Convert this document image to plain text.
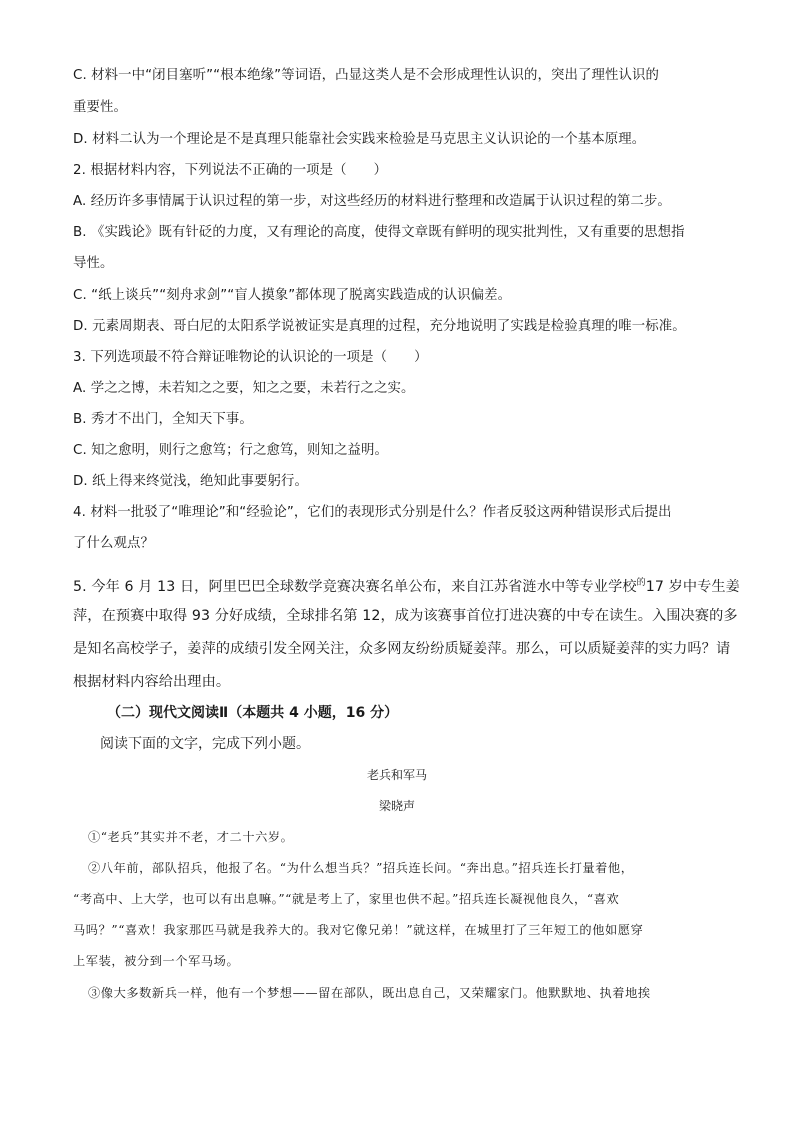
C. 材料一中“闭目塞听”“根本绝缘”等词语，凸显这类人是不会形成理性认识的，突出了理性认识的
重要性。
D. 材料二认为一个理论是不是真理只能靠社会实践来检验是马克思主义认识论的一个基本原理。
2. 根据材料内容，下列说法不正确的一项是（　　）
A. 经历许多事情属于认识过程的第一步，对这些经历的材料进行整理和改造属于认识过程的第二步。
B. 《实践论》既有针砭的力度，又有理论的高度，使得文章既有鲜明的现实批判性，又有重要的思想指
导性。
C. “纸上谈兵”“刻舟求剑”“盲人摸象”都体现了脱离实践造成的认识偏差。
D. 元素周期表、哥白尼的太阳系学说被证实是真理的过程，充分地说明了实践是检验真理的唯一标准。
3. 下列选项最不符合辩证唯物论的认识论的一项是（　　）
A. 学之之博，未若知之之要，知之之要，未若行之之实。
B. 秀才不出门，全知天下事。
C. 知之愈明，则行之愈笃；行之愈笃，则知之益明。
D. 纸上得来终觉浅，绝知此事要躬行。
4. 材料一批驳了“唯理论”和“经验论”，它们的表现形式分别是什么？作者反驳这两种错误形式后提出
了什么观点？
5. 今年 6 月 13 日，阿里巴巴全球数学竞赛决赛名单公布，来自江苏省涟水中等专业学校$^的$17 岁中专生姜
萍，在预赛中取得 93 分好成绩，全球排名第 12，成为该赛事首位打进决赛的中专在读生。入围决赛的多
是知名高校学子，姜萍的成绩引发全网关注，众多网友纷纷质疑姜萍。那么，可以质疑姜萍的实力吗？请
根据材料内容给出理由。
（二）现代文阅读Ⅱ（本题共 4 小题，16 分）
阅读下面的文字，完成下列小题。
老兵和军马
梁晓声
①“老兵”其实并不老，才二十六岁。
②八年前，部队招兵，他报了名。“为什么想当兵？”招兵连长问。“奔出息。”招兵连长打量着他，
“考高中、上大学，也可以有出息嘛。”“就是考上了，家里也供不起。”招兵连长凝视他良久，“喜欢
马吗？”“喜欢！我家那匹马就是我养大的。我对它像兄弟！”就这样，在城里打了三年短工的他如愿穿
上军装，被分到一个军马场。
③像大多数新兵一样，他有一个梦想——留在部队，既出息自己，又荣耀家门。他默默地、执着地挨
